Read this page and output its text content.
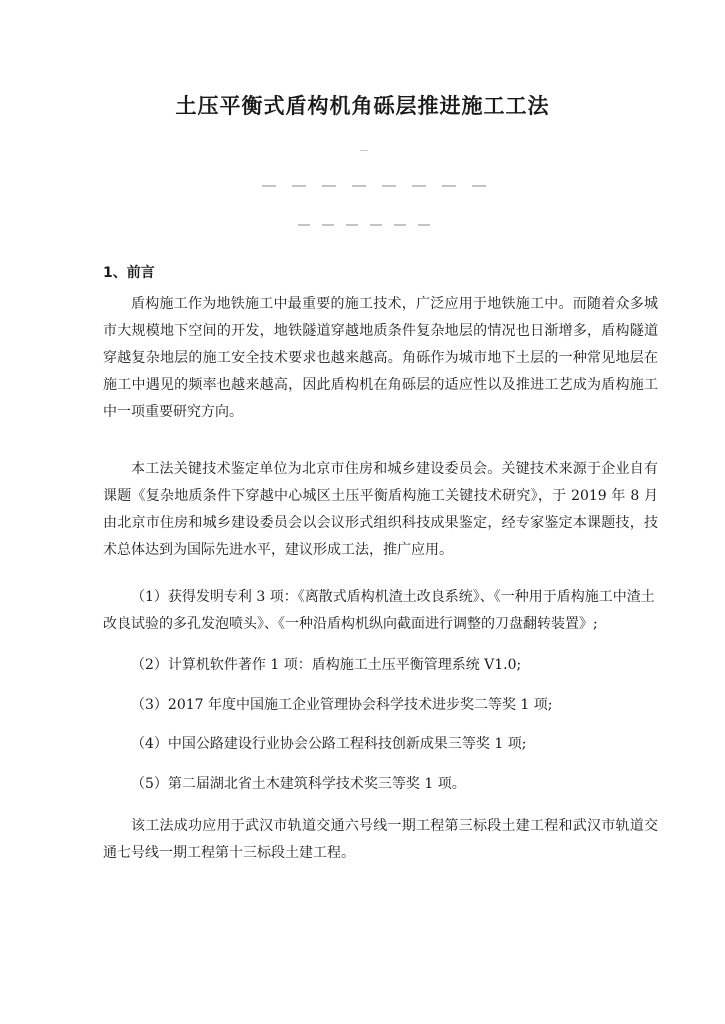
土压平衡式盾构机角砾层推进施工工法
1、前言
盾构施工作为地铁施工中最重要的施工技术，广泛应用于地铁施工中。而随着众多城市大规模地下空间的开发，地铁隧道穿越地质条件复杂地层的情况也日渐增多，盾构隧道穿越复杂地层的施工安全技术要求也越来越高。角砾作为城市地下土层的一种常见地层在施工中遇见的频率也越来越高，因此盾构机在角砾层的适应性以及推进工艺成为盾构施工中一项重要研究方向。
本工法关键技术鉴定单位为北京市住房和城乡建设委员会。关键技术来源于企业自有课题《复杂地质条件下穿越中心城区土压平衡盾构施工关键技术研究》，于 2019 年 8 月由北京市住房和城乡建设委员会以会议形式组织科技成果鉴定，经专家鉴定本课题技，技术总体达到为国际先进水平，建议形成工法，推广应用。
（1）获得发明专利 3 项：《离散式盾构机渣土改良系统》、《一种用于盾构施工中渣土改良试验的多孔发泡喷头》、《一种沿盾构机纵向截面进行调整的刀盘翻转装置》;
（2）计算机软件著作 1 项：盾构施工土压平衡管理系统 V1.0;
（3）2017 年度中国施工企业管理协会科学技术进步奖二等奖 1 项;
（4）中国公路建设行业协会公路工程科技创新成果三等奖 1 项;
（5）第二届湖北省土木建筑科学技术奖三等奖 1 项。
该工法成功应用于武汉市轨道交通六号线一期工程第三标段土建工程和武汉市轨道交通七号线一期工程第十三标段土建工程。
